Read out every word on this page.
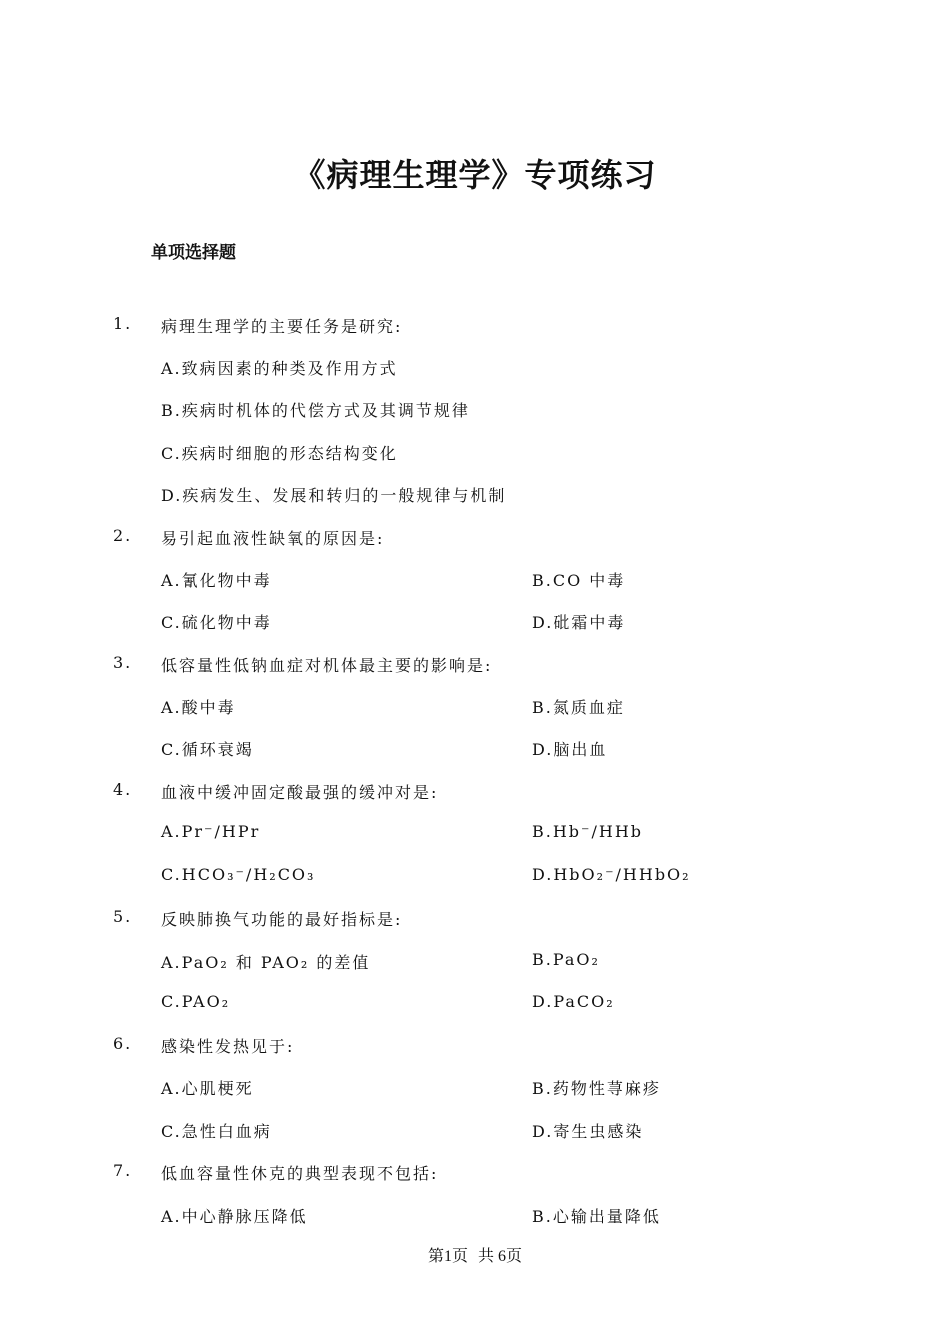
《病理生理学》专项练习
单项选择题
1. 病理生理学的主要任务是研究:
A.致病因素的种类及作用方式
B.疾病时机体的代偿方式及其调节规律
C.疾病时细胞的形态结构变化
D.疾病发生、发展和转归的一般规律与机制
2. 易引起血液性缺氧的原因是:
A.氰化物中毒	B.CO 中毒
C.硫化物中毒	D.砒霜中毒
3. 低容量性低钠血症对机体最主要的影响是:
A.酸中毒	B.氮质血症
C.循环衰竭	D.脑出血
4. 血液中缓冲固定酸最强的缓冲对是:
A.Pr⁻/HPr	B.Hb⁻/HHb
C.HCO₃⁻/H₂CO₃	D.HbO₂⁻/HHbO₂
5. 反映肺换气功能的最好指标是:
A.PaO₂ 和 PAO₂ 的差值	B.PaO₂
C.PAO₂	D.PaCO₂
6. 感染性发热见于:
A.心肌梗死	B.药物性荨麻疹
C.急性白血病	D.寄生虫感染
7. 低血容量性休克的典型表现不包括:
A.中心静脉压降低	B.心输出量降低
第1页 共 6页
